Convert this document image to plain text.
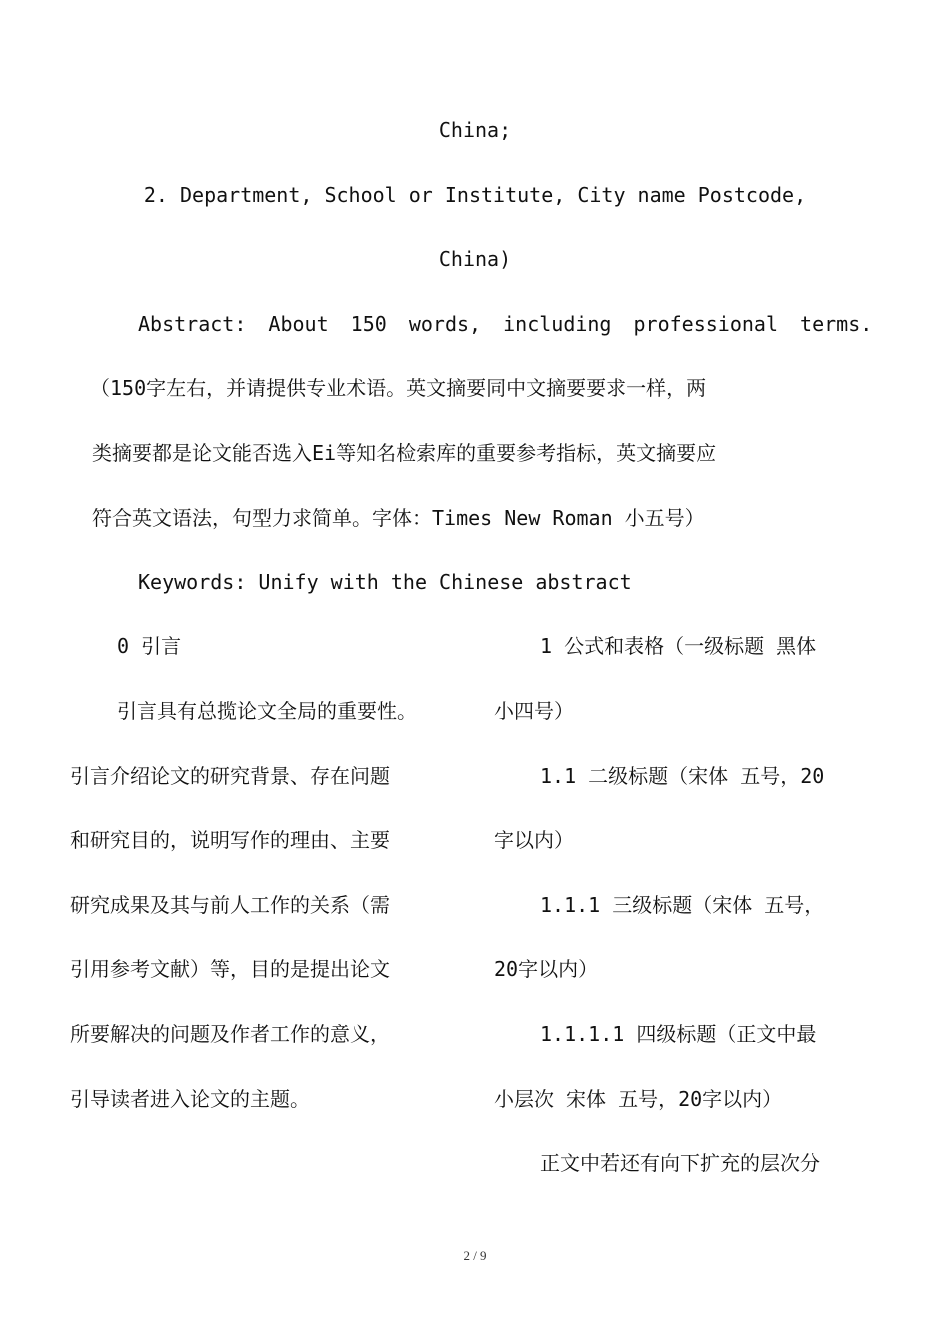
China;
2. Department, School or Institute, City name Postcode,
China)
Abstract: About 150 words, including professional terms.
（150字左右，并请提供专业术语。英文摘要同中文摘要要求一样，两
类摘要都是论文能否选入Ei等知名检索库的重要参考指标，英文摘要应
符合英文语法，句型力求简单。字体：Times New Roman 小五号）
Keywords: Unify with the Chinese abstract
0 引言
引言具有总揽论文全局的重要性。
引言介绍论文的研究背景、存在问题
和研究目的，说明写作的理由、主要
研究成果及其与前人工作的关系（需
引用参考文献）等，目的是提出论文
所要解决的问题及作者工作的意义，
引导读者进入论文的主题。
1 公式和表格（一级标题 黑体
小四号）
1.1 二级标题（宋体 五号，20
字以内）
1.1.1 三级标题（宋体 五号，
20字以内）
1.1.1.1 四级标题（正文中最
小层次 宋体 五号，20字以内）
正文中若还有向下扩充的层次分
2 / 9
